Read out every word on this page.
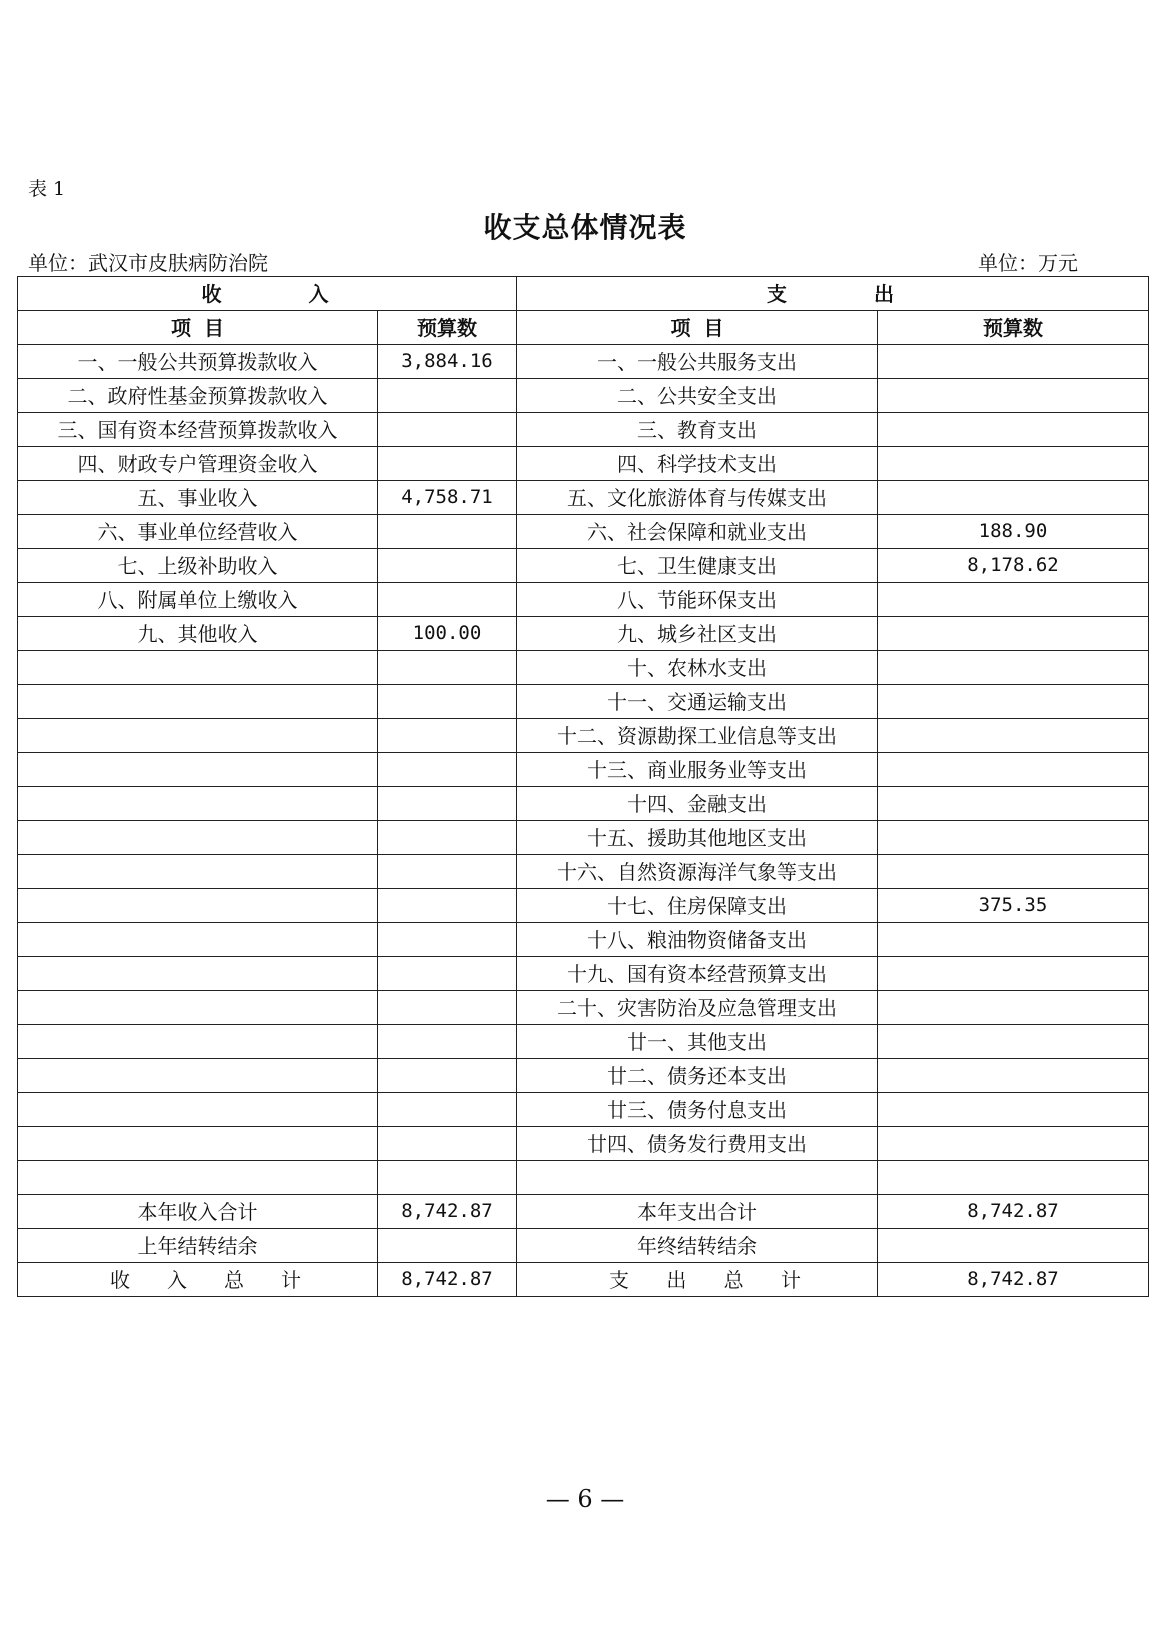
表 1
收支总体情况表
单位：武汉市皮肤病防治院	单位：万元
收 入		支 出	
项 目	预算数	项 目	预算数
一、一般公共预算拨款收入	3,884.16	一、一般公共服务支出	
二、政府性基金预算拨款收入		二、公共安全支出	
三、国有资本经营预算拨款收入		三、教育支出	
四、财政专户管理资金收入		四、科学技术支出	
五、事业收入	4,758.71	五、文化旅游体育与传媒支出	
六、事业单位经营收入		六、社会保障和就业支出	188.90
七、上级补助收入		七、卫生健康支出	8,178.62
八、附属单位上缴收入		八、节能环保支出	
九、其他收入	100.00	九、城乡社区支出	
		十、农林水支出	
		十一、交通运输支出	
		十二、资源勘探工业信息等支出	
		十三、商业服务业等支出	
		十四、金融支出	
		十五、援助其他地区支出	
		十六、自然资源海洋气象等支出	
		十七、住房保障支出	375.35
		十八、粮油物资储备支出	
		十九、国有资本经营预算支出	
		二十、灾害防治及应急管理支出	
		廿一、其他支出	
		廿二、债务还本支出	
		廿三、债务付息支出	
		廿四、债务发行费用支出	

本年收入合计	8,742.87	本年支出合计	8,742.87
上年结转结余		年终结转结余	

收 入 总 计	8,742.87	支 出 总 计	8,742.87
— 6 —
